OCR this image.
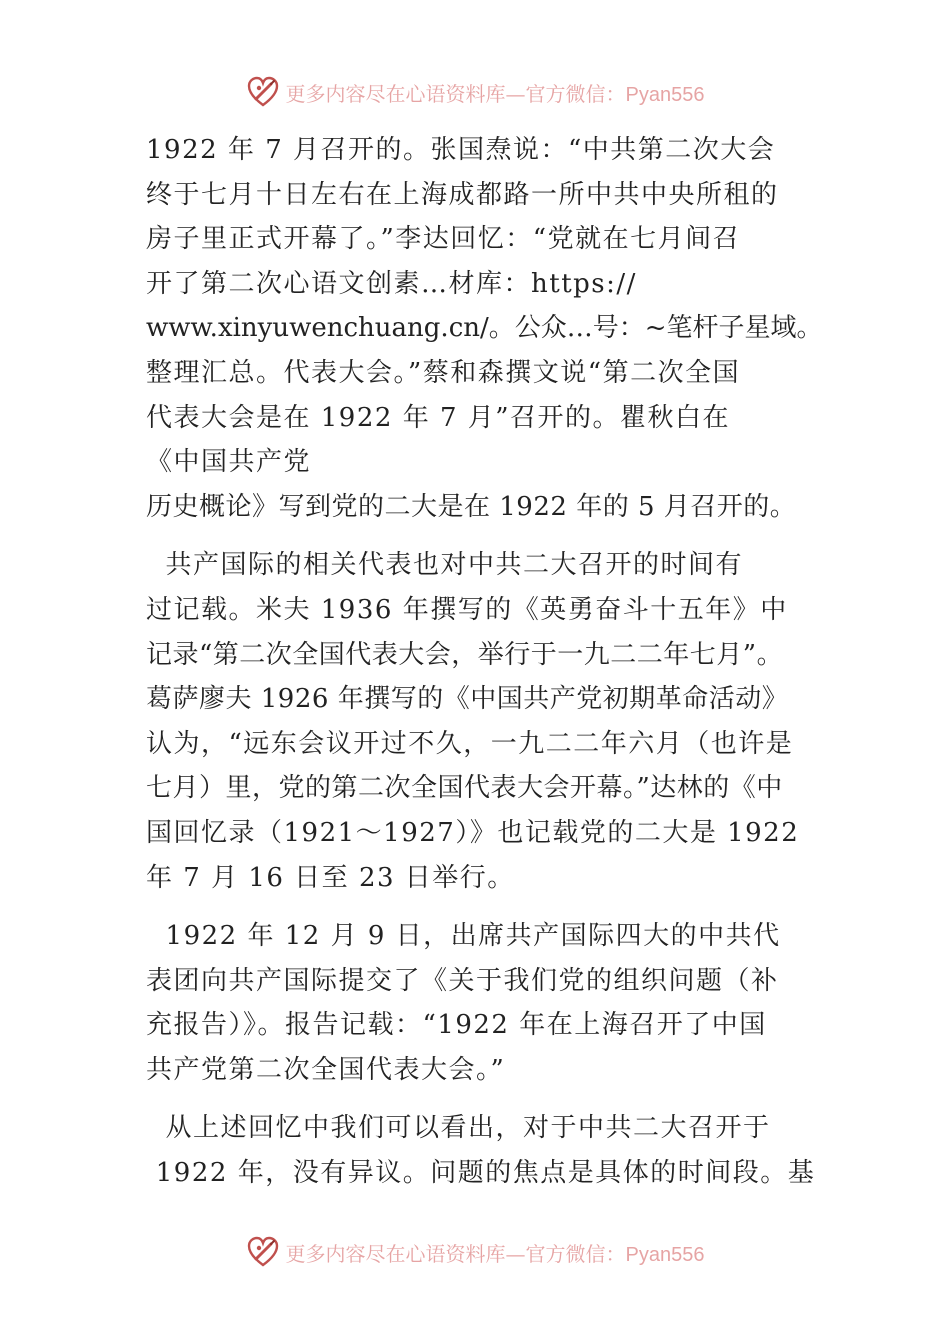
更多内容尽在心语资料库—官方微信：Pyan556

1922 年 7 月召开的。张国焘说：“中共第二次大会
终于七月十日左右在上海成都路一所中共中央所租的
房子里正式开幕了。”李达回忆：“党就在七月间召
开了第二次心语文创素…材库：https://
www.xinyuwenchuang.cn/。公众…号：~笔杆子星域。
整理汇总。代表大会。”蔡和森撰文说“第二次全国
代表大会是在 1922 年 7 月”召开的。瞿秋白在
《中国共产党
历史概论》写到党的二大是在 1922 年的 5 月召开的。

共产国际的相关代表也对中共二大召开的时间有
过记载。米夫 1936 年撰写的《英勇奋斗十五年》中
记录“第二次全国代表大会，举行于一九二二年七月”。
葛萨廖夫 1926 年撰写的《中国共产党初期革命活动》
认为，“远东会议开过不久，一九二二年六月（也许是
七月）里，党的第二次全国代表大会开幕。”达林的《中
国回忆录（1921～1927）》也记载党的二大是 1922
年 7 月 16 日至 23 日举行。

1922 年 12 月 9 日，出席共产国际四大的中共代
表团向共产国际提交了《关于我们党的组织问题（补
充报告）》。报告记载：“1922 年在上海召开了中国
共产党第二次全国代表大会。”

从上述回忆中我们可以看出，对于中共二大召开于
1922 年，没有异议。问题的焦点是具体的时间段。基

更多内容尽在心语资料库—官方微信：Pyan556
